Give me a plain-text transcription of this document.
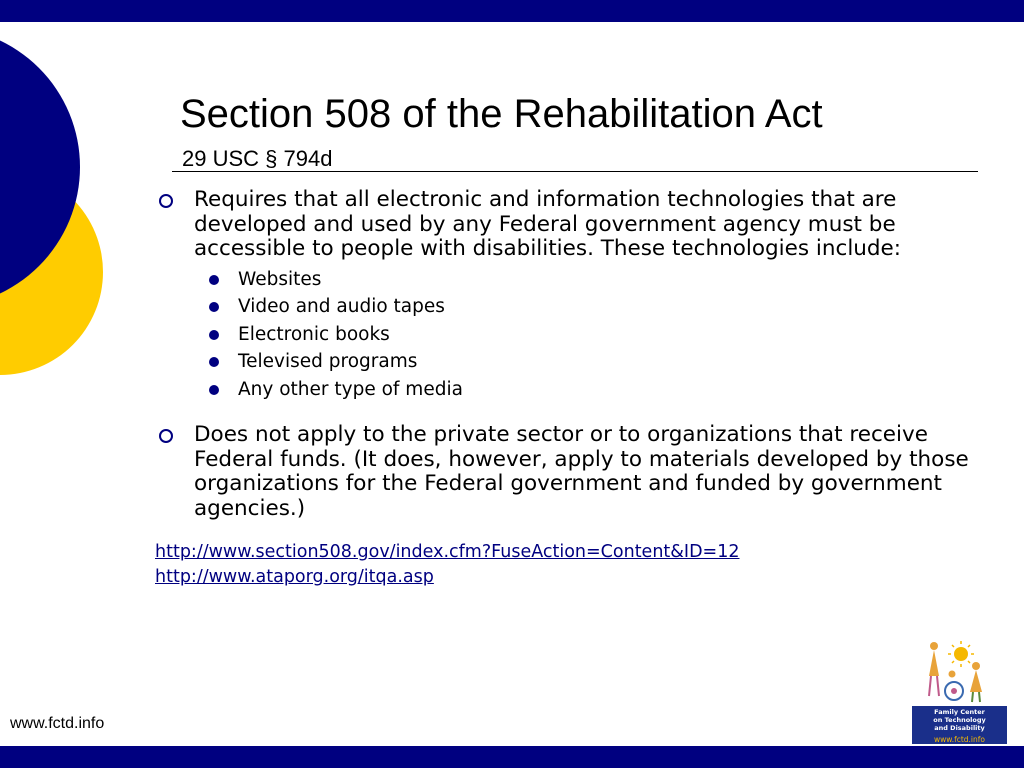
Section 508 of the Rehabilitation Act
29 USC § 794d
Requires that all electronic and information technologies that are developed and used by any Federal government agency must be accessible to people with disabilities. These technologies include:
Websites
Video and audio tapes
Electronic books
Televised programs
Any other type of media
Does not apply to the private sector or to organizations that receive Federal funds. (It does, however, apply to materials developed by those organizations for the Federal government and funded by government agencies.)
http://www.section508.gov/index.cfm?FuseAction=Content&ID=12
http://www.ataporg.org/itqa.asp
www.fctd.info
Family Center
on Technology
and Disability
www.fctd.info
